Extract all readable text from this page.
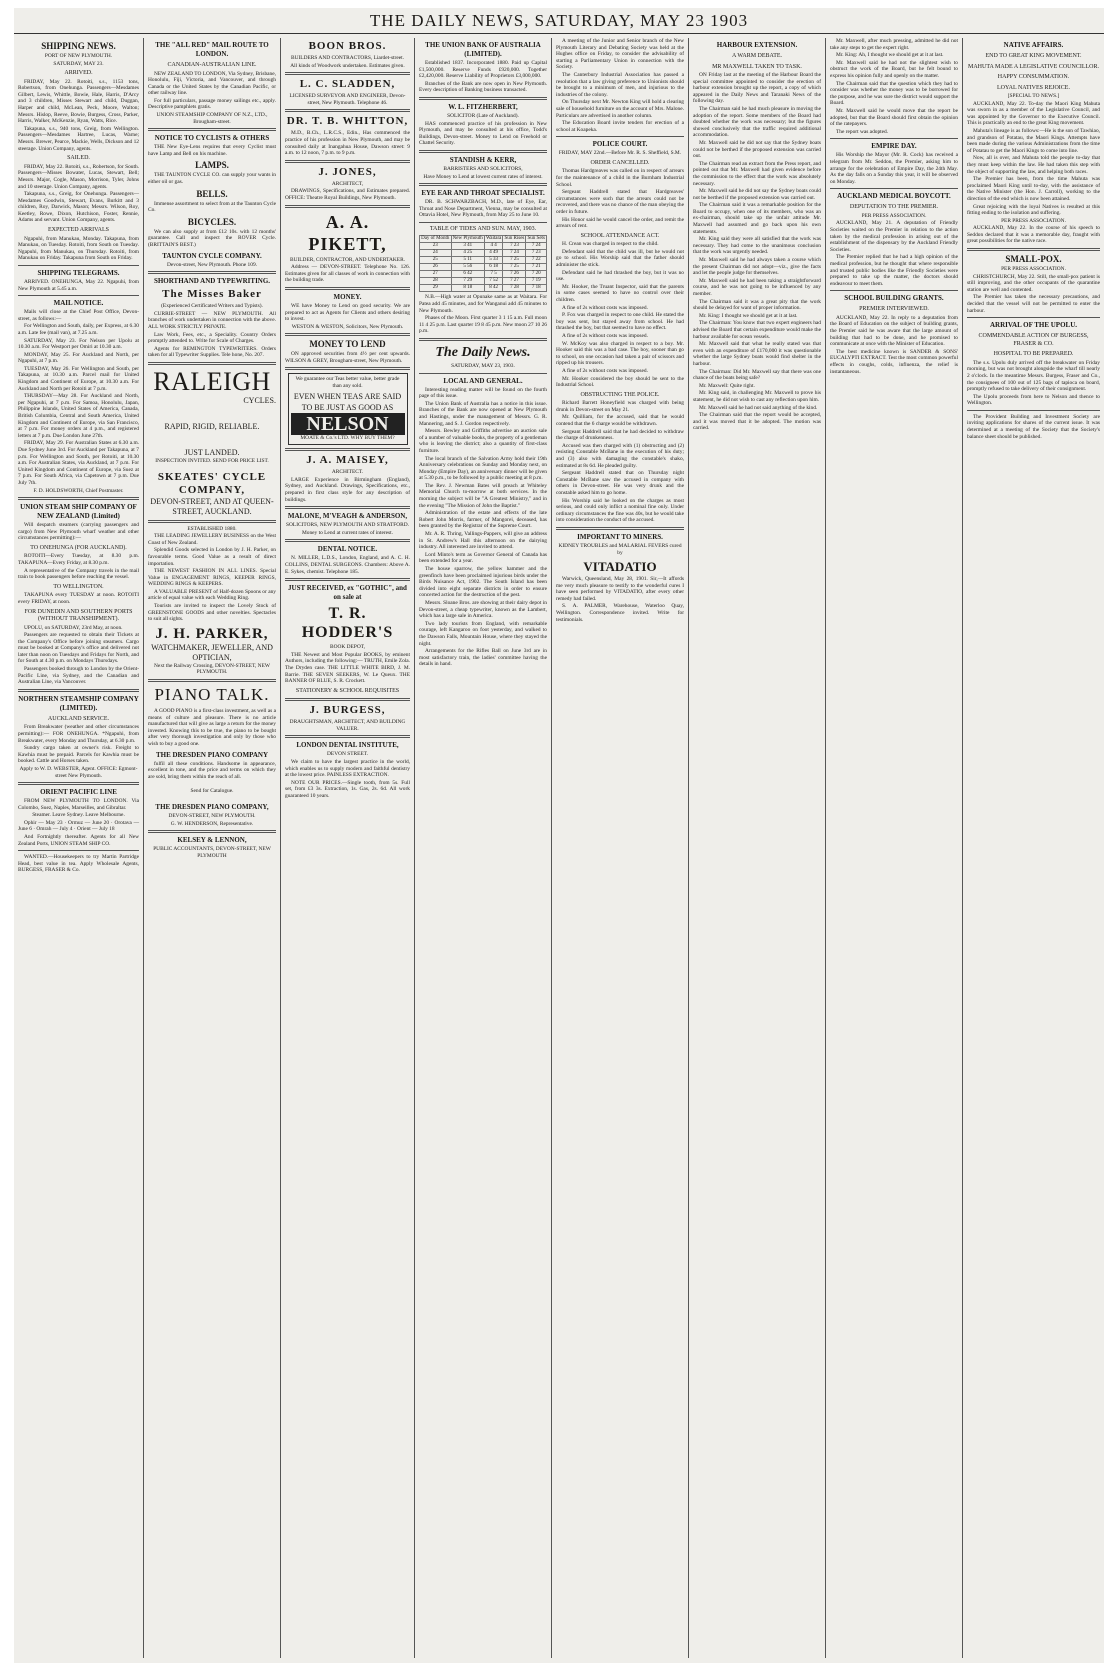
THE DAILY NEWS, SATURDAY, MAY 23 1903
SHIPPING NEWS.
PORT OF NEW PLYMOUTH.
SATURDAY, MAY 23.
ARRIVED.

FRIDAY, May 22. Rotoiti, s.s., 1153 tons, Robertson, from Onehunga. Passengers—Mesdames Gilbert, Lewis, Whittle, Bowie, Hale, Harris, D'Arcy and 3 children, Misses Stewart and child, Duggan, Harper and child, McLean, Peck, Moore, Walton; Messrs. Hislop, Reeve, Bowie, Burgess, Cross, Parker, Harris, Walker, McKenzie, Ryan, Watts, Rice.

Takapuna, s.s., 940 tons, Greig, from Wellington. Passengers—Mesdames Hartree, Lucas, Warne; Messrs. Brewer, Pearce, Mackie, Wells, Dickson and 12 steerage. Union Company, agents.

SAILED.

FRIDAY, May 22. Rotoiti, s.s., Robertson, for South. Passengers—Misses Bowater, Lucas, Stewart, Bell; Messrs. Major, Cogle, Mason, Morrison, Tyler, Johns and 10 steerage. Union Company, agents.

Takapuna, s.s., Greig, for Onehunga. Passengers—Mesdames Goodwin, Stewart, Evans, Burkitt and 3 children, Roy, Darwick, Mason; Messrs. Wilson, Roy, Keetley, Rowe, Dixon, Hutchison, Foster, Rennie, Adams and servant. Union Company, agents.

EXPECTED ARRIVALS

Ngapuhi, from Manukau, Monday. Takapuna, from Manukau, on Tuesday. Rotoiti, from South on Tuesday. Ngapuhi, from Manukau, on Thursday. Rotoiti, from Manukau on Friday. Takapuna from South on Friday.

SHIPPING TELEGRAMS.

ARRIVED. ONEHUNGA, May 22. Ngapuhi, from New Plymouth at 5.45 a.m.

MAIL NOTICE.

Mails will close at the Chief Post Office, Devon-street, as follows:—

For Wellington and South, daily, per Express, at 6.30 a.m. Late fee (mail van), at 7.25 a.m.

SATURDAY, May 23. For Nelson per Upolu at 10.30 a.m. For Westport per Omiri at 10.30 a.m.

MONDAY, May 25. For Auckland and North, per Ngapuhi, at 7 p.m.

TUESDAY, May 26. For Wellington and South, per Takapuna, at 10.30 a.m. Parcel mail for United Kingdom and Continent of Europe, at 10.30 a.m. For Auckland and North per Rotoiti at 7 p.m.

THURSDAY—May 28. For Auckland and North, per Ngapuhi, at 7 p.m. For Samoa, Honolulu, Japan, Philippine Islands, United States of America, Canada, British Columbia, Central and South America, United Kingdom and Continent of Europe, via San Francisco, at 7 p.m. For money orders at 4 p.m., and registered letters at 7 p.m. Due London June 27th.

FRIDAY, May 29. For Australian States at 6.30 a.m. Due Sydney June 3rd. For Auckland per Takapuna, at 7 p.m. For Wellington and South, per Rotoiti, at 10.30 a.m. For Australian States, via Auckland, at 7 p.m. For United Kingdom and Continent of Europe, via Suez at 7 p.m. For South Africa, via Capetown at 7 p.m. Due July 7th.

F. D. HOLDSWORTH, Chief Postmaster.
UNION STEAM SHIP COMPANY OF NEW ZEALAND (Limited)

Will despatch steamers (carrying passengers and cargo) from New Plymouth wharf weather and other circumstances permitting):—

TO ONEHUNGA (FOR AUCKLAND).

ROTOITI—Every Tuesday, at 8.30 p.m. TAKAPUNA—Every Friday, at 8.30 p.m.

A representative of the Company travels in the mail train to book passengers before reaching the vessel.

TO WELLINGTON.

TAKAPUNA every TUESDAY at noon. ROTOITI every FRIDAY, at noon.

FOR DUNEDIN AND SOUTHERN PORTS (WITHOUT TRANSHIPMENT).

UPOLU, on SATURDAY, 23rd May, at noon.

Passengers are requested to obtain their Tickets at the Company's Office before joining steamers. Cargo must be booked at Company's office and delivered not later than noon on Tuesdays and Fridays for North, and for South at 4.30 p.m. on Mondays Thursdays.

Passengers booked through to London by the Orient-Pacific Line, via Sydney, and the Canadian and Australian Line, via Vancouver.

NORTHERN STEAMSHIP COMPANY (LIMITED).
AUCKLAND SERVICE.

From Breakwater (weather and other circumstances permitting):— FOR ONEHUNGA. *Ngapuhi, from Breakwater, every Monday and Thursday, at 6.30 p.m.

Sundry cargo taken at owner's risk. Freight to Kawhia must be prepaid. Parcels for Kawhia must be booked. Cattle and Horses taken.

Apply to W. D. WEBSTER, Agent. OFFICE: Egmont-street New Plymouth.
ORIENT PACIFIC LINE

FROM NEW PLYMOUTH TO LONDON. Via Colombo, Suez, Naples, Marseilles, and Gibraltar.

Steamer. Leave Sydney. Leave Melbourne.

Ophir — May 23 · Ormuz — June 20 · Orotava — June 6 · Omrah — July 4 · Orient — July 18

And Fortnightly thereafter. Agents for all New Zealand Ports, UNION STEAM SHIP CO.

WANTED.—Housekeepers to try Martin Partridge Head, best value in tea. Apply Wholesale Agents, BURGESS, FRASER & Co.

THE "ALL RED" MAIL ROUTE TO LONDON.
CANADIAN-AUSTRALIAN LINE.

NEW ZEALAND TO LONDON, Via Sydney, Brisbane, Honolulu, Fiji, Victoria, and Vancouver, and through Canada or the United States by the Canadian Pacific, or other railway line.

For full particulars, passage money sailings etc., apply. Descriptive pamphlets gratis.

UNION STEAMSHIP COMPANY OF N.Z., LTD., Brougham-street.
NOTICE TO CYCLISTS & OTHERS

THE New Eye-Lens requires that every Cyclist must have Lamp and Bell on his machine.

LAMPS.

THE TAUNTON CYCLE CO. can supply your wants in either oil or gas.

BELLS.

Immense assortment to select from at the Taunton Cycle Co.

BICYCLES.

We can also supply at from £12 10s. with 12 months' guarantee. Call and inspect the ROVER Cycle. (BRITTAIN'S BEST.)

TAUNTON CYCLE COMPANY.
Devon-street, New Plymouth. Phone 109.
SHORTHAND AND TYPEWRITING.
The Misses Baker
(Experienced Certificated Writers and Typists).

CURRIE-STREET — NEW PLYMOUTH. All branches of work undertaken in connection with the above. ALL WORK STRICTLY PRIVATE.

Law Work, Fees, etc., a Speciality. Country Orders promptly attended to. Write for Scale of Charges.

Agents for REMINGTON TYPEWRITERS. Orders taken for all Typewriter Supplies. Tele hone, No. 207.

RALEIGH
CYCLES.
RAPID, RIGID, RELIABLE.
JUST LANDED.
INSPECTION INVITED. SEND FOR PRICE LIST.
SKEATES' CYCLE COMPANY,
DEVON-STREET, AND AT QUEEN-STREET, AUCKLAND.
ESTABLISHED 1880.

THE LEADING JEWELLERY BUSINESS on the West Coast of New Zealand.

Splendid Goods selected in London by J. H. Parker, on favourable terms. Good Value as a result of direct importation.

THE NEWEST FASHION IN ALL LINES. Special Value in ENGAGEMENT RINGS, KEEPER RINGS, WEDDING RINGS & KEEPERS.

A VALUABLE PRESENT of Half-dozen Spoons or any article of equal value with each Wedding Ring.

Tourists are invited to inspect the Lovely Stock of GREENSTONE GOODS and other novelties. Spectacles to suit all sights.

J. H. PARKER,
WATCHMAKER, JEWELLER, AND OPTICIAN,
Next the Railway Crossing, DEVON-STREET, NEW PLYMOUTH.
PIANO TALK.

A GOOD PIANO is a first-class investment, as well as a means of culture and pleasure. There is no article manufactured that will give as large a return for the money invested. Knowing this to be true, the piano to be bought after very thorough investigation and only by those who wish to buy a good one.

THE DRESDEN PIANO COMPANY

fulfil all these conditions. Handsome in appearance, excellent in tone, and the price and terms on which they are sold, bring them within the reach of all.

Send for Catalogue.
THE DRESDEN PIANO COMPANY,
DEVON-STREET, NEW PLYMOUTH.
G. W. HENDERSON, Representative.
KELSEY & LENNON,
PUBLIC ACCOUNTANTS, DEVON-STREET, NEW PLYMOUTH
BOON BROS.
BUILDERS AND CONTRACTORS, Liardet-street.
All kinds of Woodwork undertaken. Estimates given.
L. C. SLADDEN,
LICENSED SURVEYOR AND ENGINEER, Devon-street, New Plymouth. Telephone 46.
DR. T. B. WHITTON,

M.D., B.Ch., L.R.C.S., Edin., Has commenced the practice of his profession in New Plymouth, and may be consulted daily at Inangahua House, Dawson street: 9 a.m. to 12 noon, 7 p.m. to 9 p.m.

J. JONES,
ARCHITECT,

DRAWINGS, Specifications, and Estimates prepared. OFFICE: Theatre Royal Buildings, New Plymouth.

A. A. PIKETT,
BUILDER, CONTRACTOR, AND UNDERTAKER.

Address — DEVON-STREET. Telephone No. 126. Estimates given for all classes of work in connection with the building trade.

MONEY.

WE have Money to Lend on good security. We are prepared to act as Agents for Clients and others desiring to invest.

WESTON & WESTON, Solicitors, New Plymouth.
MONEY TO LEND

ON approved securities from 4½ per cent upwards. WILSON & GREY, Brougham-street, New Plymouth.

We guarantee our Teas better value, better grade than any sold.
EVEN WHEN TEAS ARE SAID TO BE JUST AS GOOD AS
NELSON
MOATE & Co.'s LTD. WHY BUY THEM?
J. A. MAISEY,
ARCHITECT.

LARGE Experience in Birmingham (England), Sydney, and Auckland. Drawings, Specifications, etc., prepared in first class style for any description of buildings.

MALONE, M'VEAGH & ANDERSON,
SOLICITORS, NEW PLYMOUTH AND STRATFORD.
Money to Lend at current rates of interest.
DENTAL NOTICE.

N. MILLER, L.D.S., London, England, and A. C. H. COLLINS, DENTAL SURGEONS. Chambers: Above A. E. Sykes, chemist. Telephone 185.

JUST RECEIVED, ex "GOTHIC", and on sale at
T. R. HODDER'S
BOOK DEPOT,

THE Newest and Most Popular BOOKS, by eminent Authors, including the following:— TRUTH, Emile Zola. The Dryden case. THE LITTLE WHITE BIRD, J. M. Barrie. THE SEVEN SEEKERS, W. Le Queux. THE BANNER OF BLUE, S. R. Crockett.

STATIONERY & SCHOOL REQUISITES
J. BURGESS,
DRAUGHTSMAN, ARCHITECT, AND BUILDING VALUER.
LONDON DENTAL INSTITUTE,
DEVON STREET.

We claim to have the largest practice in the world, which enables us to supply modern and faithful dentistry at the lowest price. PAINLESS EXTRACTION.

NOTE OUR PRICES.—Single tooth, from 5s. Full set, from £3 3s. Extraction, 1s. Gas, 2s. 6d. All work guaranteed 10 years.

THE UNION BANK OF AUSTRALIA (LIMITED).

Established 1837. Incorporated 1880. Paid up Capital £1,500,000. Reserve Funds £920,000. Together £2,420,000. Reserve Liability of Proprietors £3,000,000.

Branches of the Bank are now open in New Plymouth. Every description of Banking business transacted.

W. L. FITZHERBERT,
SOLICITOR (Late of Auckland).

HAS commenced practice of his profession in New Plymouth, and may be consulted at his office, Todd's Buildings, Devon-street. Money to Lend on Freehold or Chattel Security.

STANDISH & KERR,
BARRISTERS AND SOLICITORS,
Have Money to Lend at lowest current rates of interest.
EYE EAR AND THROAT SPECIALIST.

DR. B. SCHWARZBACH, M.D., late of Eye, Ear, Throat and Nose Department, Vienna, may be consulted at Ottavia Hotel, New Plymouth, from May 25 to June 10.

TABLE OF TIDES AND SUN. MAY, 1903.
Day of Month	New Plymouth	Waitara	Sun Rises	Sun Sets
23	3 41	4 4	7 23	7 24
24	4 25	4 49	7 24	7 23
25	5 11	5 33	7 25	7 22
26	5 56	6 18	7 25	7 21
27	6 42	7 5	7 26	7 20
28	7 29	7 52	7 27	7 19
29	8 18	8 42	7 28	7 18

N.B.—High water at Opunake same as at Waitara. For Patea add 45 minutes, and for Wanganui add 45 minutes to New Plymouth.

Phases of the Moon. First quarter 3 1 15 a.m. Full moon 11 4 25 p.m. Last quarter 19 8 45 p.m. New moon 27 10 26 p.m.

The Daily News.
SATURDAY, MAY 23, 1903.
LOCAL AND GENERAL.

Interesting reading matter will be found on the fourth page of this issue.

The Union Bank of Australia has a notice in this issue. Branches of the Bank are now opened at New Plymouth and Hastings, under the management of Messrs. G. R. Mannering, and S. J. Gordon respectively.

Messrs. Bewley and Griffiths advertise an auction sale of a number of valuable books, the property of a gentleman who is leaving the district; also a quantity of first-class furniture.

The local branch of the Salvation Army hold their 19th Anniversary celebrations on Sunday and Monday next, on Monday (Empire Day), an anniversary dinner will be given at 5.30 p.m., to be followed by a public meeting at 8 p.m.

The Rev. J. Newman Bates will preach at Whiteley Memorial Church to-morrow at both services. In the morning the subject will be "A Greatest Ministry," and in the evening "The Mission of John the Baptist."

Administration of the estate and effects of the late Robert John Morris, farmer, of Mangorei, deceased, has been granted by the Registrar of the Supreme Court.

Mr. A. R. Thring, Vallings-Pappers, will give an address in St. Andrew's Hall this afternoon on the dairying industry. All interested are invited to attend.

Lord Minto's term as Governor General of Canada has been extended for a year.

The house sparrow, the yellow hammer and the greenfinch have been proclaimed injurious birds under the Birds Nuisance Act, 1902. The South Island has been divided into eight separate districts in order to ensure concerted action for the destruction of the pest.

Messrs. Sloane Bros. are showing at their dairy depot in Devon-street, a cheap typewriter, known as the Lambert, which has a large sale in America.

Two lady tourists from England, with remarkable courage, left Kangaroo on foot yesterday, and walked to the Dawson Falls, Mountain House, where they stayed the night.

Arrangements for the Rifles Ball on June 3rd are in most satisfactory train, the ladies' committee having the details in hand.

A meeting of the Junior and Senior branch of the New Plymouth Literary and Debating Society was held at the Hughes office on Friday, to consider the advisability of starting a Parliamentary Union in connection with the Society.

The Canterbury Industrial Association has passed a resolution that a law giving preference to Unionists should be brought to a minimum of men, and injurious to the industries of the colony.

On Thursday next Mr. Newton King will hold a clearing sale of household furniture on the account of Mrs. Malone. Particulars are advertised in another column.

The Education Board invite tenders for erection of a school at Koapeka.

POLICE COURT.
FRIDAY, MAY 22nd.—Before Mr. R. S. Sheffield, S.M.
ORDER CANCELLED.

Thomas Hardgreaves was called on in respect of arrears for the maintenance of a child in the Burnham Industrial School.

Sergeant Haddrell stated that Hardgreaves' circumstances were such that the arrears could not be recovered, and there was no chance of the man obeying the order in future.

His Honor said he would cancel the order, and remit the arrears of rent.

SCHOOL ATTENDANCE ACT.

H. Crean was charged in respect to the child.

Defendant said that the child was ill, but he would not go to school. His Worship said that the father should administer the stick.

Defendant said he had thrashed the boy, but it was no use.

Mr. Hooker, the Truant Inspector, said that the parents in some cases seemed to have no control over their children.

A fine of 2s without costs was imposed.

P. Fox was charged in respect to one child. He stated the boy was sent, but stayed away from school. He had thrashed the boy, but that seemed to have no effect.

A fine of 2s without costs was imposed.

W. McKoy was also charged in respect to a boy. Mr. Hooker said this was a bad case. The boy, sooner than go to school, on one occasion had taken a pair of scissors and ripped up his trousers.

A fine of 2s without costs was imposed.

Mr. Hooker considered the boy should be sent to the Industrial School.

OBSTRUCTING THE POLICE.

Richard Barrett Honeyfield was charged with being drunk in Devon-street on May 21.

Mr. Quilliam, for the accused, said that he would contend that the 6 charge would be withdrawn.

Sergeant Haddrell said that he had decided to withdraw the charge of drunkenness.

Accused was then charged with (1) obstructing and (2) resisting Constable McBane in the execution of his duty; and (3) also with damaging the constable's shako, estimated at 8s 6d. He pleaded guilty.

Sergeant Haddrell stated that on Thursday night Constable McBane saw the accused in company with others in Devon-street. He was very drunk and the constable asked him to go home.

His Worship said he looked on the charges as most serious, and could only inflict a nominal fine only. Under ordinary circumstances the fine was 40s, but he would take into consideration the conduct of the accused.

IMPORTANT TO MINERS.
KIDNEY TROUBLES and MALARIAL FEVERS cured by
VITADATIO

Warwick, Queensland, May 28, 1901. Sir,—It affords me very much pleasure to testify to the wonderful cures I have seen performed by VITADATIO, after every other remedy had failed.

S. A. PALMER, Warehouse, Waterloo Quay, Wellington. Correspondence invited. Write for testimonials.

HARBOUR EXTENSION.
A WARM DEBATE.
MR MAXWELL TAKEN TO TASK.

ON Friday last at the meeting of the Harbour Board the special committee appointed to consider the erection of harbour extension brought up the report, a copy of which appeared in the Daily News and Taranaki News of the following day.

The Chairman said he had much pleasure in moving the adoption of the report. Some members of the Board had doubted whether the work was necessary; but the figures showed conclusively that the traffic required additional accommodation.

Mr. Maxwell said he did not say that the Sydney boats could not be berthed if the proposed extension was carried out.

The Chairman read an extract from the Press report, and pointed out that Mr. Maxwell had given evidence before the commission to the effect that the work was absolutely necessary.

Mr. Maxwell said he did not say the Sydney boats could not be berthed if the proposed extension was carried out.

The Chairman said it was a remarkable position for the Board to occupy, when one of its members, who was an ex-chairman, should take up the unfair attitude Mr. Maxwell had assumed and go back upon his own statements.

Mr. King said they were all satisfied that the work was necessary. They had come to the unanimous conclusion that the work was urgently needed.

Mr. Maxwell said he had always taken a course which the present Chairman did not adopt—viz., give the facts and let the people judge for themselves.

Mr. Maxwell said he had been taking a straightforward course, and he was not going to be influenced by any member.

The Chairman said it was a great pity that the work should be delayed for want of proper information.

Mr. King: I thought we should get at it at last.

The Chairman: You know that two expert engineers had advised the Board that certain expenditure would make the harbour available for ocean vessels.

Mr. Maxwell said that what he really stated was that even with an expenditure of £170,000 it was questionable whether the large Sydney boats would find shelter in the harbour.

The Chairman: Did Mr. Maxwell say that there was one chance of the boats being safe?

Mr. Maxwell: Quite right.

Mr. King said, in challenging Mr. Maxwell to prove his statement, he did not wish to cast any reflection upon him.

Mr. Maxwell said he had not said anything of the kind.

The Chairman said that the report would be accepted, and it was moved that it be adopted. The motion was carried.

Mr. Maxwell, after much pressing, admitted he did not take any steps to get the expert right.

Mr. King: Ah, I thought we should get at it at last.

Mr. Maxwell said he had not the slightest wish to obstruct the work of the Board, but he felt bound to express his opinion fully and openly on the matter.

The Chairman said that the question which they had to consider was whether the money was to be borrowed for the purpose, and he was sure the district would support the Board.

Mr. Maxwell said he would move that the report be adopted, but that the Board should first obtain the opinion of the ratepayers.

The report was adopted.

EMPIRE DAY.

His Worship the Mayor (Mr. R. Cock) has received a telegram from Mr. Seddon, the Premier, asking him to arrange for the celebration of Empire Day, the 24th May. As the day falls on a Sunday this year, it will be observed on Monday.

AUCKLAND MEDICAL BOYCOTT.
DEPUTATION TO THE PREMIER.
PER PRESS ASSOCIATION.

AUCKLAND, May 21. A deputation of Friendly Societies waited on the Premier in relation to the action taken by the medical profession in arising out of the establishment of the dispensary by the Auckland Friendly Societies.

The Premier replied that he had a high opinion of the medical profession, but he thought that where responsible and trusted public bodies like the Friendly Societies were prepared to take up the matter, the doctors should endeavour to meet them.

SCHOOL BUILDING GRANTS.
PREMIER INTERVIEWED.

AUCKLAND, May 22. In reply to a deputation from the Board of Education on the subject of building grants, the Premier said he was aware that the large amount of building that had to be done, and he promised to communicate at once with the Minister of Education.

The best medicine known is SANDER & SONS' EUCALYPTI EXTRACT. Test the most common powerful effects in coughs, colds, influenza, the relief is instantaneous.

NATIVE AFFAIRS.
END TO GREAT KING MOVEMENT.
MAHUTA MADE A LEGISLATIVE COUNCILLOR.
HAPPY CONSUMMATION.
LOYAL NATIVES REJOICE.
[SPECIAL TO NEWS.]

AUCKLAND, May 22. To-day the Maori King Mahuta was sworn in as a member of the Legislative Council, and was appointed by the Governor to the Executive Council. This is practically an end to the great King movement.

Mahuta's lineage is as follows:—He is the son of Tawhiao, and grandson of Potatau, the Maori Kings. Attempts have been made during the various Administrations from the time of Potatau to get the Maori Kings to come into line.

Now, all is over, and Mahuta told the people to-day that they must keep within the law. He had taken this step with the object of supporting the law, and helping both races.

The Premier has been, from the time Mahuta was proclaimed Maori King until to-day, with the assistance of the Native Minister (the Hon. J. Carroll), working to the direction of the end which is now been attained.

Great rejoicing with the loyal Natives is resulted at this fitting ending to the isolation and suffering.

PER PRESS ASSOCIATION.

AUCKLAND, May 22. In the course of his speech to Seddon declared that it was a memorable day, fraught with great possibilities for the native race.

SMALL-POX.
PER PRESS ASSOCIATION.

CHRISTCHURCH, May 22. Still, the small-pox patient is still improving, and the other occupants of the quarantine station are well and contented.

The Premier has taken the necessary precautions, and decided that the vessel will not be permitted to enter the harbour.

ARRIVAL OF THE UPOLU.
COMMENDABLE ACTION OF BURGESS, FRASER & CO.
HOSPITAL TO BE PREPARED.

The s.s. Upolu duly arrived off the breakwater on Friday morning, but was not brought alongside the wharf till nearly 2 o'clock. In the meantime Messrs. Burgess, Fraser and Co., the consignees of 100 out of 125 bags of tapioca on board, promptly refused to take delivery of their consignment.

The Upolu proceeds from here to Nelson and thence to Wellington.

The Provident Building and Investment Society are inviting applications for shares of the current issue. It was determined at a meeting of the Society that the Society's balance sheet should be published.
